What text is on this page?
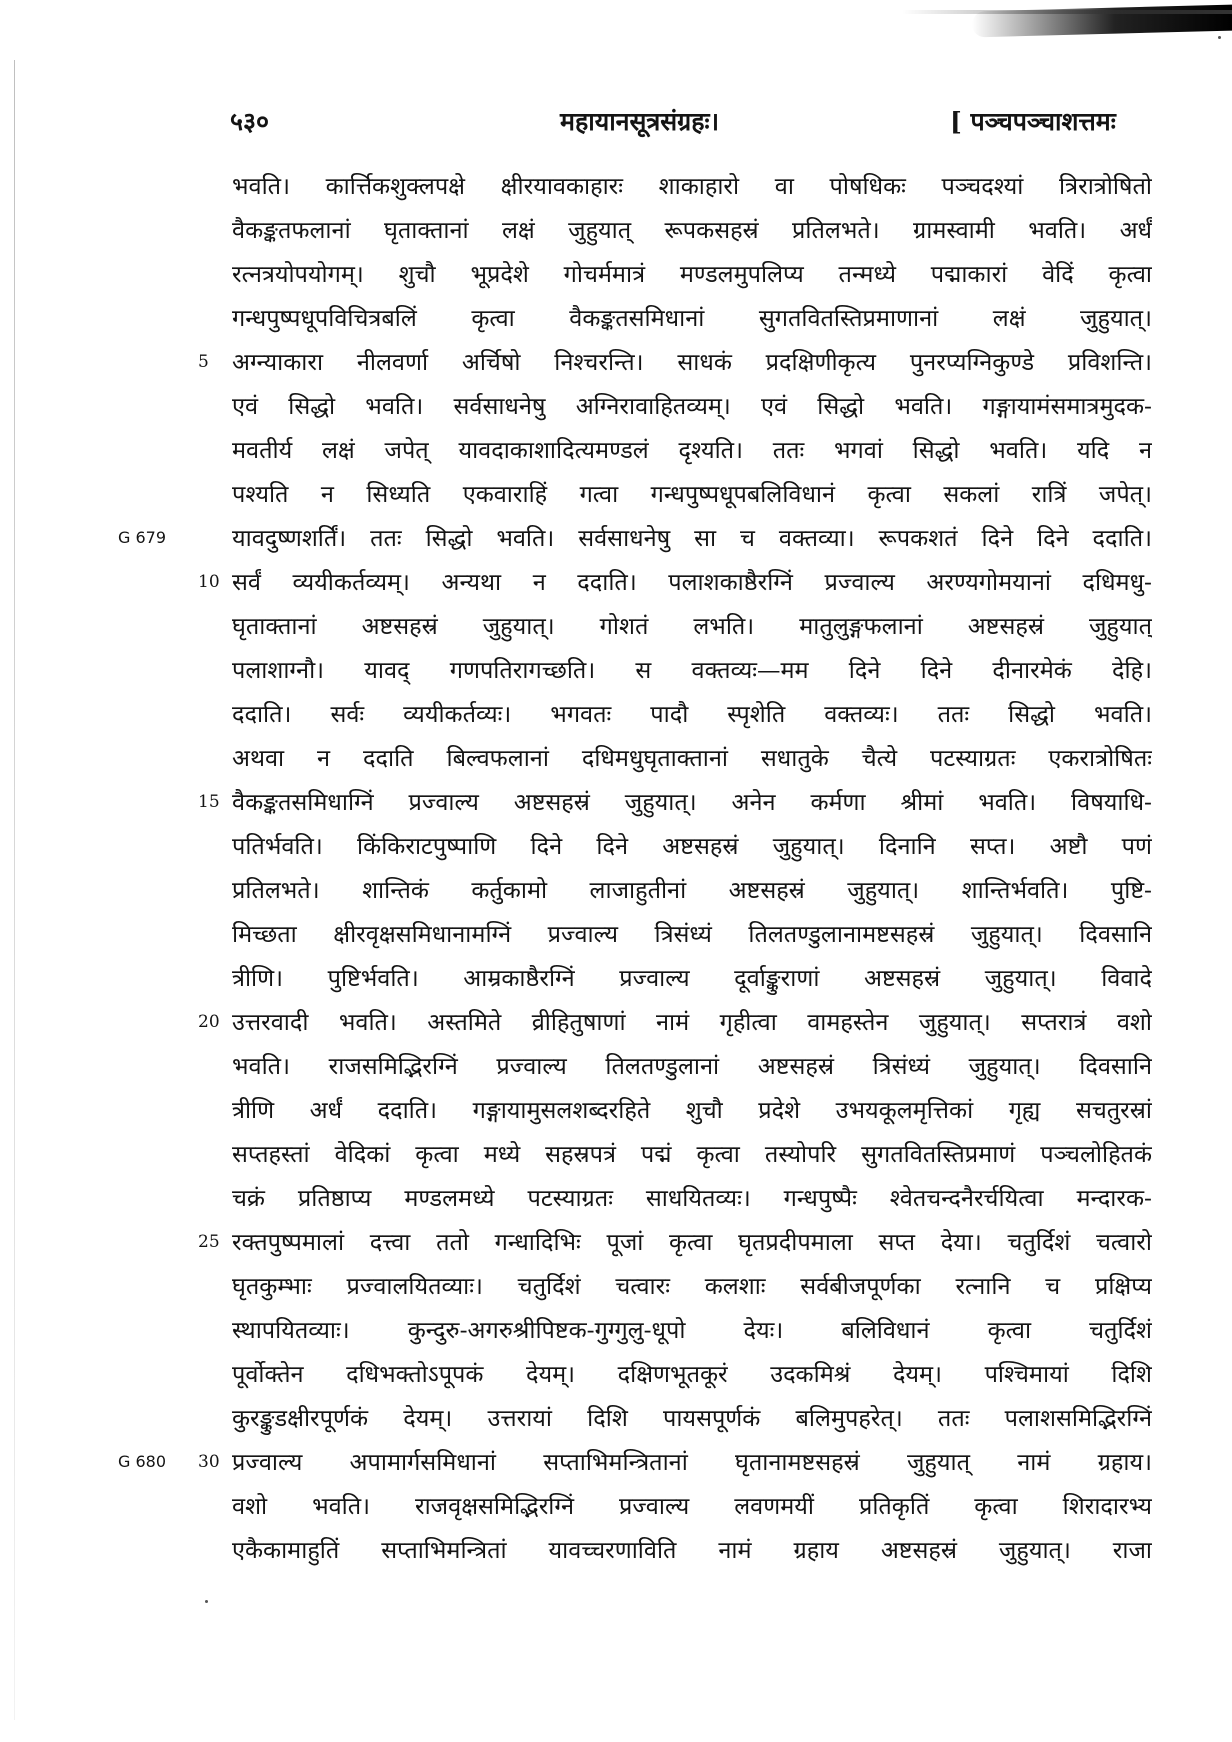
५३०	महायानसूत्रसंग्रहः।	[ पञ्चपञ्चाशत्तमः
भवति। कार्त्तिकशुक्लपक्षे क्षीरयावकाहारः शाकाहारो वा पोषधिकः पञ्चदश्यां त्रिरात्रोषितो
वैकङ्कतफलानां घृताक्तानां लक्षं जुहुयात् रूपकसहस्रं प्रतिलभते। ग्रामस्वामी भवति। अर्धं
रत्नत्रयोपयोगम्। शुचौ भूप्रदेशे गोचर्ममात्रं मण्डलमुपलिप्य तन्मध्ये पद्माकारां वेदिं कृत्वा
गन्धपुष्पधूपविचित्रबलिं कृत्वा वैकङ्कतसमिधानां सुगतवितस्तिप्रमाणानां लक्षं जुहुयात्।
5 अग्न्याकारा नीलवर्णा अर्चिषो निश्चरन्ति। साधकं प्रदक्षिणीकृत्य पुनरप्यग्निकुण्डे प्रविशन्ति।
एवं सिद्धो भवति। सर्वसाधनेषु अग्निरावाहितव्यम्। एवं सिद्धो भवति। गङ्गायामंसमात्रमुदक-
मवतीर्य लक्षं जपेत् यावदाकाशादित्यमण्डलं दृश्यति। ततः भगवां सिद्धो भवति। यदि न
पश्यति न सिध्यति एकवाराहिं गत्वा गन्धपुष्पधूपबलिविधानं कृत्वा सकलां रात्रिं जपेत्।
G 679	यावदुष्णशर्तिं। ततः सिद्धो भवति। सर्वसाधनेषु सा च वक्तव्या। रूपकशतं दिने दिने ददाति।
10 सर्वं व्ययीकर्तव्यम्। अन्यथा न ददाति। पलाशकाष्ठैरग्निं प्रज्वाल्य अरण्यगोमयानां दधिमधु-
घृताक्तानां अष्टसहस्रं जुहुयात्। गोशतं लभति। मातुलुङ्गफलानां अष्टसहस्रं जुहुयात्
पलाशाग्नौ। यावद् गणपतिरागच्छति। स वक्तव्यः—मम दिने दिने दीनारमेकं देहि।
ददाति। सर्वः व्ययीकर्तव्यः। भगवतः पादौ स्पृशेति वक्तव्यः। ततः सिद्धो भवति।
अथवा न ददाति बिल्वफलानां दधिमधुघृताक्तानां सधातुके चैत्ये पटस्याग्रतः एकरात्रोषितः
15 वैकङ्कतसमिधाग्निं प्रज्वाल्य अष्टसहस्रं जुहुयात्। अनेन कर्मणा श्रीमां भवति। विषयाधि-
पतिर्भवति। किंकिराटपुष्पाणि दिने दिने अष्टसहस्रं जुहुयात्। दिनानि सप्त। अष्टौ पणं
प्रतिलभते। शान्तिकं कर्तुकामो लाजाहुतीनां अष्टसहस्रं जुहुयात्। शान्तिर्भवति। पुष्टि-
मिच्छता क्षीरवृक्षसमिधानामग्निं प्रज्वाल्य त्रिसंध्यं तिलतण्डुलानामष्टसहस्रं जुहुयात्। दिवसानि
त्रीणि। पुष्टिर्भवति। आम्रकाष्ठैरग्निं प्रज्वाल्य दूर्वाङ्कुराणां अष्टसहस्रं जुहुयात्। विवादे
20 उत्तरवादी भवति। अस्तमिते व्रीहितुषाणां नामं गृहीत्वा वामहस्तेन जुहुयात्। सप्तरात्रं वशो
भवति। राजसमिद्भिरग्निं प्रज्वाल्य तिलतण्डुलानां अष्टसहस्रं त्रिसंध्यं जुहुयात्। दिवसानि
त्रीणि अर्धं ददाति। गङ्गायामुसलशब्दरहिते शुचौ प्रदेशे उभयकूलमृत्तिकां गृह्य सचतुरस्रां
सप्तहस्तां वेदिकां कृत्वा मध्ये सहस्रपत्रं पद्मं कृत्वा तस्योपरि सुगतवितस्तिप्रमाणं पञ्चलोहितकं
चक्रं प्रतिष्ठाप्य मण्डलमध्ये पटस्याग्रतः साधयितव्यः। गन्धपुष्पैः श्वेतचन्दनैरर्चयित्वा मन्दारक-
25 रक्तपुष्पमालां दत्त्वा ततो गन्धादिभिः पूजां कृत्वा घृतप्रदीपमाला सप्त देया। चतुर्दिशं चत्वारो
घृतकुम्भाः प्रज्वालयितव्याः। चतुर्दिशं चत्वारः कलशाः सर्वबीजपूर्णका रत्नानि च प्रक्षिप्य
स्थापयितव्याः। कुन्दुरु-अगरुश्रीपिष्टक-गुग्गुलु-धूपो देयः। बलिविधानं कृत्वा चतुर्दिशं
पूर्वोक्तेन दधिभक्तोऽपूपकं देयम्। दक्षिणभूतकूरं उदकमिश्रं देयम्। पश्चिमायां दिशि
कुरङ्कुडक्षीरपूर्णकं देयम्। उत्तरायां दिशि पायसपूर्णकं बलिमुपहरेत्। ततः पलाशसमिद्भिरग्निं
G 680 30 प्रज्वाल्य अपामार्गसमिधानां सप्ताभिमन्त्रितानां घृतानामष्टसहस्रं जुहुयात् नामं ग्रहाय।
वशो भवति। राजवृक्षसमिद्भिरग्निं प्रज्वाल्य लवणमयीं प्रतिकृतिं कृत्वा शिरादारभ्य
एकैकामाहुतिं सप्ताभिमन्त्रितां यावच्चरणाविति नामं ग्रहाय अष्टसहस्रं जुहुयात्। राजा
